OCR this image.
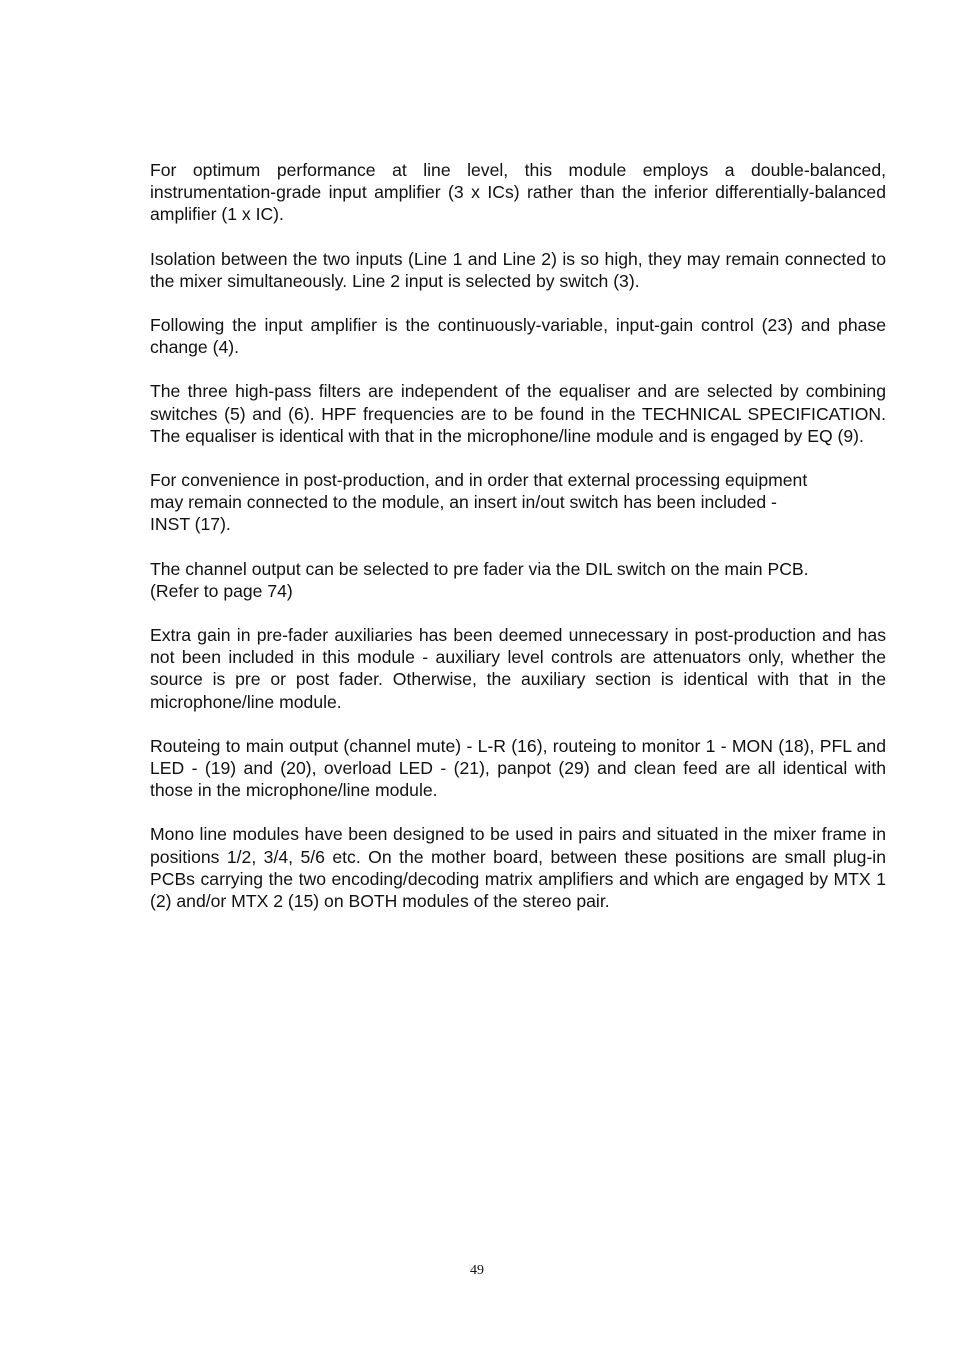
For optimum performance at line level, this module employs a double-balanced, instrumentation-grade input amplifier (3 x ICs) rather than the inferior differentially-balanced amplifier (1 x IC).

Isolation between the two inputs (Line 1 and Line 2) is so high, they may remain connected to the mixer simultaneously. Line 2 input is selected by switch (3).

Following the input amplifier is the continuously-variable, input-gain control (23) and phase change (4).

The three high-pass filters are independent of the equaliser and are selected by combining switches (5) and (6). HPF frequencies are to be found in the TECHNICAL SPECIFICATION. The equaliser is identical with that in the microphone/line module and is engaged by EQ (9).

For convenience in post-production, and in order that external processing equipment
may remain connected to the module, an insert in/out switch has been included -
INST (17).

The channel output can be selected to pre fader via the DIL switch on the main PCB.
(Refer to page 74)

Extra gain in pre-fader auxiliaries has been deemed unnecessary in post-production and has not been included in this module - auxiliary level controls are attenuators only, whether the source is pre or post fader. Otherwise, the auxiliary section is identical with that in the microphone/line module.

Routeing to main output (channel mute) - L-R (16), routeing to monitor 1 - MON (18), PFL and LED - (19) and (20), overload LED - (21), panpot (29) and clean feed are all identical with those in the microphone/line module.

Mono line modules have been designed to be used in pairs and situated in the mixer frame in positions 1/2, 3/4, 5/6 etc. On the mother board, between these positions are small plug-in PCBs carrying the two encoding/decoding matrix amplifiers and which are engaged by MTX 1 (2) and/or MTX 2 (15) on BOTH modules of the stereo pair.

49
